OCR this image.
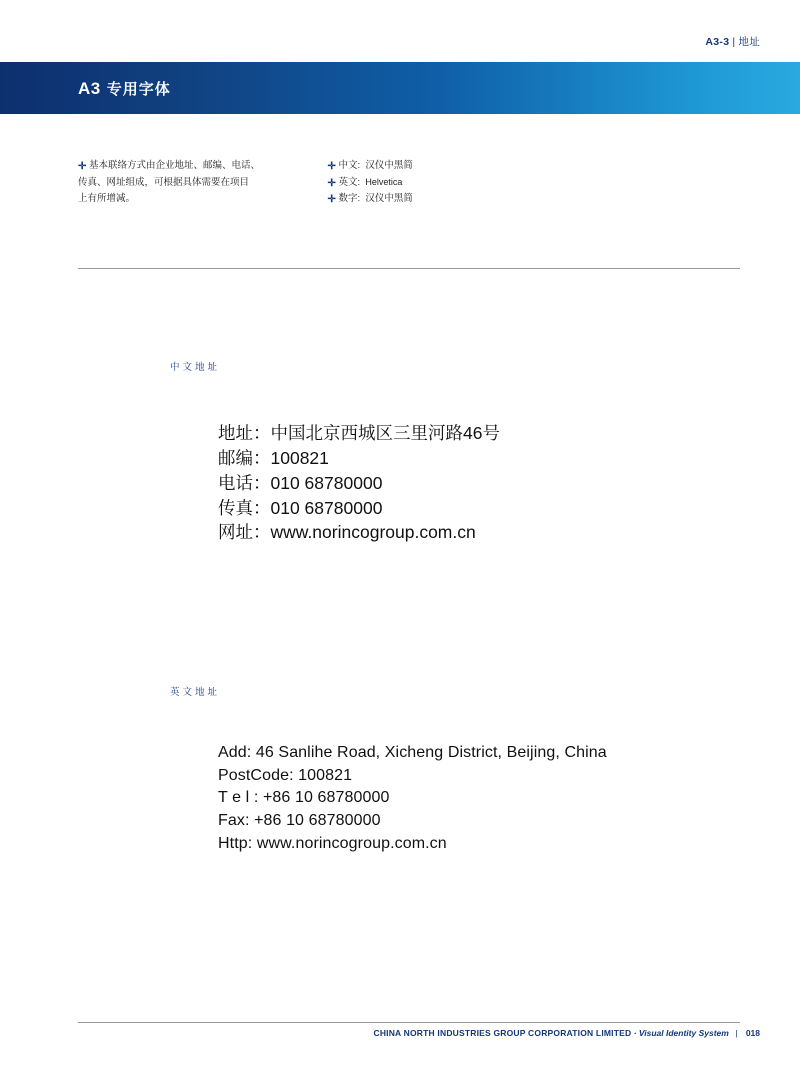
A3-3 | 地址
A3 专用字体
✛ 基本联络方式由企业地址、邮编、电话、
传真、网址组成，可根据具体需要在项目
上有所增减。

✛ 中文: 汉仪中黑简
✛ 英文: Helvetica
✛ 数字: 汉仪中黑简
中文地址
地址：中国北京西城区三里河路46号
邮编：100821
电话：010 68780000
传真：010 68780000
网址：www.norincogroup.com.cn
英文地址
Add: 46 Sanlihe Road, Xicheng District, Beijing, China
PostCode: 100821
T e l : +86 10 68780000
Fax: +86 10 68780000
Http: www.norincogroup.com.cn
CHINA NORTH INDUSTRIES GROUP CORPORATION LIMITED · Visual Identity System | 018
